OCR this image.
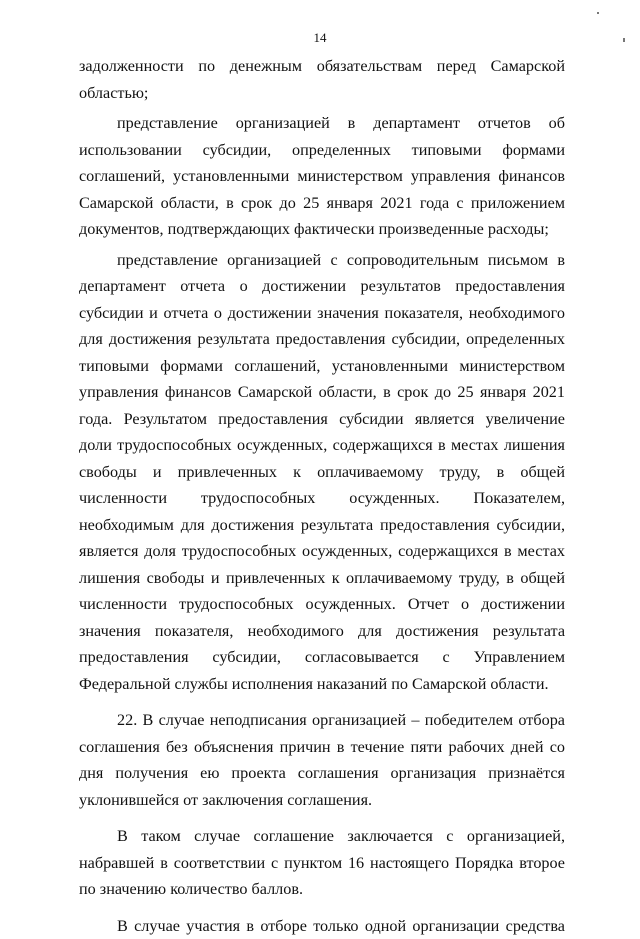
14

задолженности по денежным обязательствам перед Самарской областью;

представление организацией в департамент отчетов об использовании субсидии, определенных типовыми формами соглашений, установленными министерством управления финансов Самарской области, в срок до 25 января 2021 года с приложением документов, подтверждающих фактически произведенные расходы;

представление организацией с сопроводительным письмом в департамент отчета о достижении результатов предоставления субсидии и отчета о достижении значения показателя, необходимого для достижения результата предоставления субсидии, определенных типовыми формами соглашений, установленными министерством управления финансов Самарской области, в срок до 25 января 2021 года. Результатом предоставления субсидии является увеличение доли трудоспособных осужденных, содержащихся в местах лишения свободы и привлеченных к оплачиваемому труду, в общей численности трудоспособных осужденных. Показателем, необходимым для достижения результата предоставления субсидии, является доля трудоспособных осужденных, содержащихся в местах лишения свободы и привлеченных к оплачиваемому труду, в общей численности трудоспособных осужденных. Отчет о достижении значения показателя, необходимого для достижения результата предоставления субсидии, согласовывается с Управлением Федеральной службы исполнения наказаний по Самарской области.

22. В случае неподписания организацией – победителем отбора соглашения без объяснения причин в течение пяти рабочих дней со дня получения ею проекта соглашения организация признаётся уклонившейся от заключения соглашения.

В таком случае соглашение заключается с организацией, набравшей в соответствии с пунктом 16 настоящего Порядка второе по значению количество баллов.

В случае участия в отборе только одной организации средства
